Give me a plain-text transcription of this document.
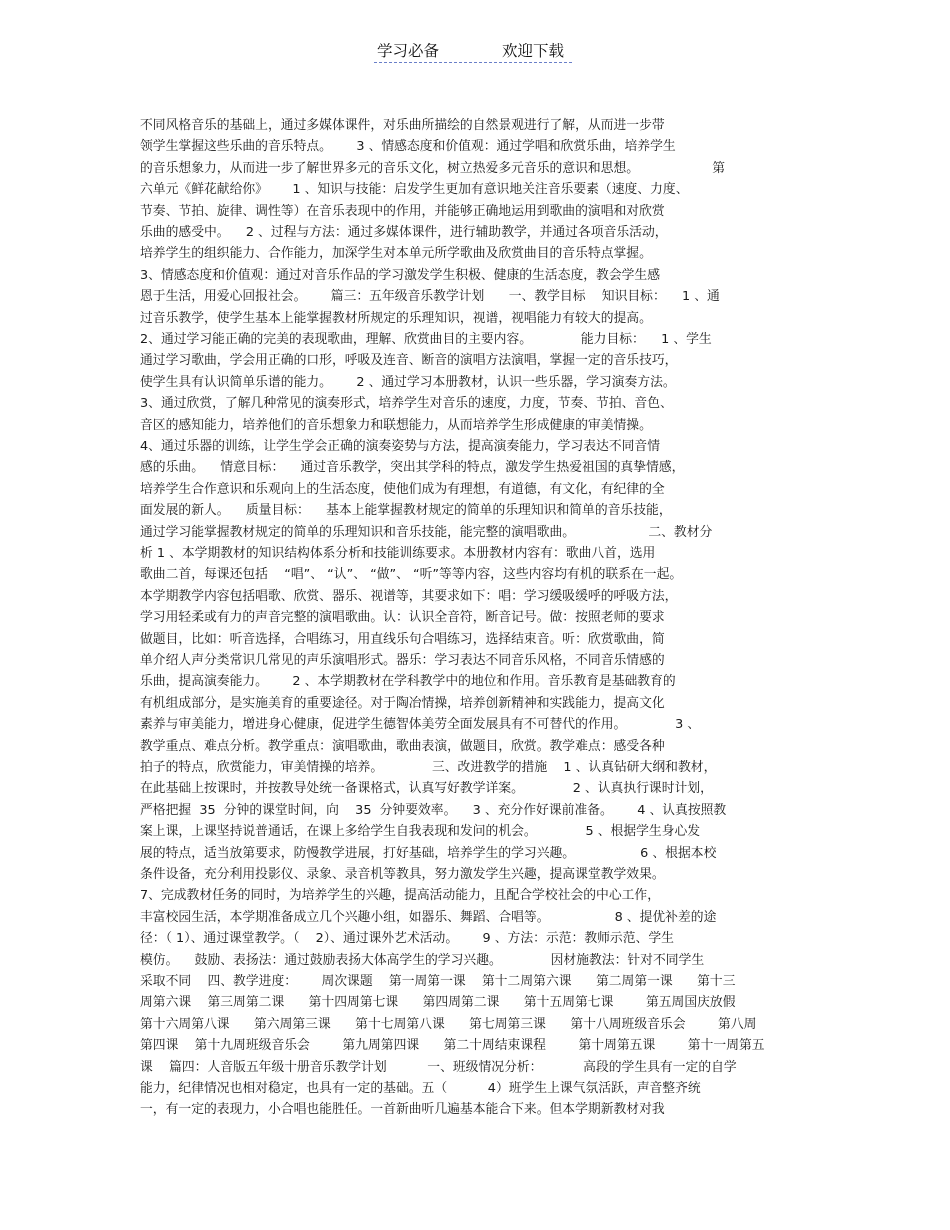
学习必备	欢迎下载
不同风格音乐的基础上，通过多媒体课件，对乐曲所描绘的自然景观进行了解，从而进一步带
领学生掌握这些乐曲的音乐特点。      3 、情感态度和价值观：通过学唱和欣赏乐曲，培养学生
的音乐想象力，从而进一步了解世界多元的音乐文化，树立热爱多元音乐的意识和思想。                  第
六单元《鲜花献给你》      1 、知识与技能：启发学生更加有意识地关注音乐要素（速度、力度、
节奏、节拍、旋律、调性等）在音乐表现中的作用，并能够正确地运用到歌曲的演唱和对欣赏
乐曲的感受中。    2 、过程与方法：通过多媒体课件，进行辅助教学，并通过各项音乐活动，
培养学生的组织能力、合作能力，加深学生对本单元所学歌曲及欣赏曲目的音乐特点掌握。
3、情感态度和价值观：通过对音乐作品的学习激发学生积极、健康的生活态度，教会学生感
恩于生活，用爱心回报社会。      篇三：五年级音乐教学计划      一、教学目标    知识目标：    1 、通
过音乐教学，使学生基本上能掌握教材所规定的乐理知识，视谱，视唱能力有较大的提高。
2、通过学习能正确的完美的表现歌曲，理解、欣赏曲目的主要内容。            能力目标：    1 、学生
通过学习歌曲，学会用正确的口形，呼吸及连音、断音的演唱方法演唱，掌握一定的音乐技巧，
使学生具有认识简单乐谱的能力。      2 、通过学习本册教材，认识一些乐器，学习演奏方法。
3、通过欣赏，了解几种常见的演奏形式，培养学生对音乐的速度，力度，节奏、节拍、音色、
音区的感知能力，培养他们的音乐想象力和联想能力，从而培养学生形成健康的审美情操。
4、通过乐器的训练，让学生学会正确的演奏姿势与方法，提高演奏能力，学习表达不同音情
感的乐曲。    情意目标：    通过音乐教学，突出其学科的特点，激发学生热爱祖国的真挚情感，
培养学生合作意识和乐观向上的生活态度，使他们成为有理想，有道德，有文化，有纪律的全
面发展的新人。    质量目标：    基本上能掌握教材规定的简单的乐理知识和简单的音乐技能，
通过学习能掌握教材规定的简单的乐理知识和音乐技能，能完整的演唱歌曲。                  二、教材分
析 1 、本学期教材的知识结构体系分析和技能训练要求。本册教材内容有：歌曲八首，选用
歌曲二首，每课还包括    “唱”、 “认”、 “做”、 “听”等等内容，这些内容均有机的联系在一起。
本学期教学内容包括唱歌、欣赏、器乐、视谱等，其要求如下：唱：学习缓吸缓呼的呼吸方法，
学习用轻柔或有力的声音完整的演唱歌曲。认：认识全音符，断音记号。做：按照老师的要求
做题目，比如：听音选择，合唱练习，用直线乐句合唱练习，选择结束音。听：欣赏歌曲，简
单介绍人声分类常识几常见的声乐演唱形式。器乐：学习表达不同音乐风格，不同音乐情感的
乐曲，提高演奏能力。      2 、本学期教材在学科教学中的地位和作用。音乐教育是基础教育的
有机组成部分，是实施美育的重要途径。对于陶冶情操，培养创新精神和实践能力，提高文化
素养与审美能力，增进身心健康，促进学生德智体美劳全面发展具有不可替代的作用。            3 、
教学重点、难点分析。教学重点：演唱歌曲，歌曲表演，做题目，欣赏。教学难点：感受各种
拍子的特点，欣赏能力，审美情操的培养。            三、改进教学的措施    1 、认真钻研大纲和教材，
在此基础上按课时，并按教导处统一备课格式，认真写好教学详案。            2 、认真执行课时计划，
严格把握  35  分钟的课堂时间，向    35  分钟要效率。    3 、充分作好课前准备。      4 、认真按照教
案上课，上课坚持说普通话，在课上多给学生自我表现和发问的机会。            5 、根据学生身心发
展的特点，适当放第要求，防慢教学进展，打好基础，培养学生的学习兴趣。                6 、根据本校
条件设备，充分利用投影仪、录象、录音机等教具，努力激发学生兴趣，提高课堂教学效果。
7、完成教材任务的同时，为培养学生的兴趣，提高活动能力，且配合学校社会的中心工作，
丰富校园生活，本学期准备成立几个兴趣小组，如器乐、舞蹈、合唱等。                8 、提优补差的途
径：（ 1）、通过课堂教学。（    2）、通过课外艺术活动。      9 、方法：示范：教师示范、学生
模仿。    鼓励、表扬法：通过鼓励表扬大体高学生的学习兴趣。            因材施教法：针对不同学生
采取不同    四、教学进度：      周次课题    第一周第一课    第十二周第六课      第二周第一课      第十三
周第六课    第三周第二课      第十四周第七课      第四周第二课      第十五周第七课        第五周国庆放假
第十六周第八课      第六周第三课      第十七周第八课      第七周第三课      第十八周班级音乐会        第八周
第四课    第十九周班级音乐会        第九周第四课      第二十周结束课程        第十周第五课        第十一周第五
课    篇四：人音版五年级十册音乐教学计划          一、班级情况分析：          高段的学生具有一定的自学
能力，纪律情况也相对稳定，也具有一定的基础。五（          4）班学生上课气氛活跃，声音整齐统
一，有一定的表现力，小合唱也能胜任。一首新曲听几遍基本能合下来。但本学期新教材对我
